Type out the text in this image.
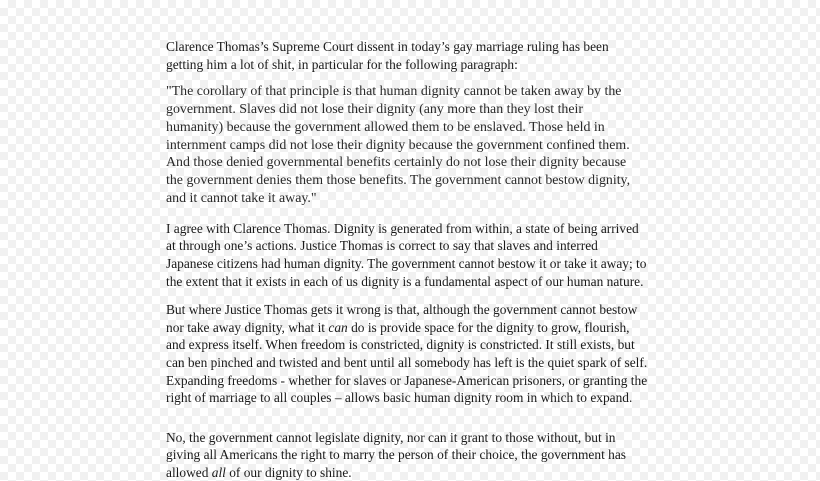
Clarence Thomas’s Supreme Court dissent in today’s gay marriage ruling has been
getting him a lot of shit, in particular for the following paragraph:

"The corollary of that principle is that human dignity cannot be taken away by the
government. Slaves did not lose their dignity (any more than they lost their
humanity) because the government allowed them to be enslaved. Those held in
internment camps did not lose their dignity because the government confined them.
And those denied governmental benefits certainly do not lose their dignity because
the government denies them those benefits. The government cannot bestow dignity,
and it cannot take it away."

I agree with Clarence Thomas. Dignity is generated from within, a state of being arrived
at through one’s actions. Justice Thomas is correct to say that slaves and interred
Japanese citizens had human dignity. The government cannot bestow it or take it away; to
the extent that it exists in each of us dignity is a fundamental aspect of our human nature.

But where Justice Thomas gets it wrong is that, although the government cannot bestow
nor take away dignity, what it can do is provide space for the dignity to grow, flourish,
and express itself. When freedom is constricted, dignity is constricted. It still exists, but
can ben pinched and twisted and bent until all somebody has left is the quiet spark of self.
Expanding freedoms - whether for slaves or Japanese-American prisoners, or granting the
right of marriage to all couples – allows basic human dignity room in which to expand.

No, the government cannot legislate dignity, nor can it grant to those without, but in
giving all Americans the right to marry the person of their choice, the government has
allowed all of our dignity to shine.
